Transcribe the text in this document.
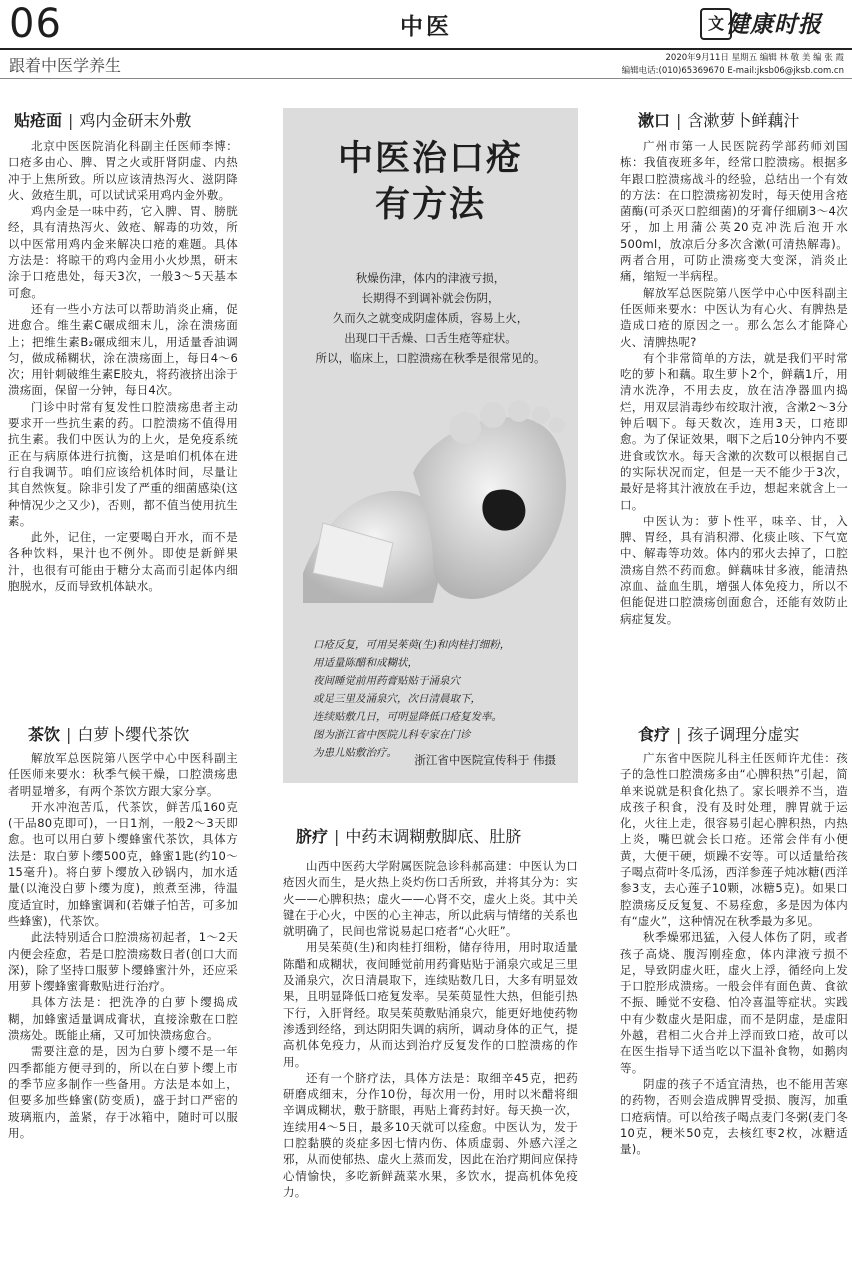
06	中医	文 健康时报
跟着中医学养生	2020年9月11日 星期五 编辑 林 敬 美 编 张 霞
编辑电话:(010)65369670 E-mail:jksb06@jksb.com.cn
贴疮面 | 鸡内金研末外敷

北京中医医院消化科副主任医师李博：口疮多由心、脾、胃之火或肝肾阴虚、内热冲于上焦所致。所以应该清热泻火、滋阴降火、敛疮生肌，可以试试采用鸡内金外敷。

鸡内金是一味中药，它入脾、胃、膀胱经，具有清热泻火、敛疮、解毒的功效，所以中医常用鸡内金来解决口疮的难题。具体方法是：将晾干的鸡内金用小火炒黑，研末涂于口疮患处，每天3次，一般3～5天基本可愈。

还有一些小方法可以帮助消炎止痛，促进愈合。维生素C碾成细末儿，涂在溃疡面上；把维生素B₂碾成细末儿，用适量香油调匀，做成稀糊状，涂在溃疡面上，每日4～6次；用针刺破维生素E胶丸，将药液挤出涂于溃疡面，保留一分钟，每日4次。

门诊中时常有复发性口腔溃疡患者主动要求开一些抗生素的药。口腔溃疡不值得用抗生素。我们中医认为的上火，是免疫系统正在与病原体进行抗衡，这是咱们机体在进行自我调节。咱们应该给机体时间，尽量让其自然恢复。除非引发了严重的细菌感染(这种情况少之又少)，否则，都不值当使用抗生素。

此外，记住，一定要喝白开水，而不是各种饮料，果汁也不例外。即使是新鲜果汁，也很有可能由于糖分太高而引起体内细胞脱水，反而导致机体缺水。

茶饮 | 白萝卜缨代茶饮

解放军总医院第八医学中心中医科副主任医师来要水：秋季气候干燥，口腔溃疡患者明显增多，有两个茶饮方跟大家分享。

开水冲泡苦瓜，代茶饮，鲜苦瓜160克(干品80克即可)，一日1剂，一般2～3天即愈。也可以用白萝卜缨蜂蜜代茶饮，具体方法是：取白萝卜缨500克，蜂蜜1匙(约10～15毫升)。将白萝卜缨放入砂锅内，加水适量(以淹没白萝卜缨为度)，煎煮至沸，待温度适宜时，加蜂蜜调和(若嫌子怕苦，可多加些蜂蜜)，代茶饮。

此法特别适合口腔溃疡初起者，1～2天内便会痊愈，若是口腔溃疡数日者(创口大而深)，除了坚持口服萝卜缨蜂蜜汁外，还应采用萝卜缨蜂蜜膏敷贴进行治疗。

具体方法是：把洗净的白萝卜缨捣成糊，加蜂蜜适量调成膏状，直接涂敷在口腔溃疡处。既能止痛，又可加快溃疡愈合。

需要注意的是，因为白萝卜缨不是一年四季都能方便寻到的，所以在白萝卜缨上市的季节应多制作一些备用。方法是本如上，但要多加些蜂蜜(防变质)，盛于封口严密的玻璃瓶内，盖紧，存于冰箱中，随时可以服用。

中医治口疮
有方法
秋燥伤津，体内的津液亏损，
长期得不到调补就会伤阴，
久而久之就变成阴虚体质，容易上火，
出现口干舌燥、口舌生疮等症状。
所以，临床上，口腔溃疡在秋季是很常见的。
口疮反复，可用吴茱萸(生)和肉桂打细粉，
用适量陈醋和成糊状，
夜间睡觉前用药膏贴贴于涌泉穴
或足三里及涌泉穴，次日清晨取下，
连续贴敷几日，可明显降低口疮复发率。
图为浙江省中医院儿科专家在门诊
为患儿贴敷治疗。	浙江省中医院宣传科于 伟摄
脐疗 | 中药末调糊敷脚底、肚脐

山西中医药大学附属医院急诊科郝高建：中医认为口疮因火而生，是火热上炎灼伤口舌所致，并将其分为：实火——心脾积热；虚火——心肾不交，虚火上炎。其中关键在于心火，中医的心主神志，所以此病与情绪的关系也就明确了，民间也常说易起口疮者“心火旺”。

用吴茱萸(生)和肉桂打细粉，储存待用，用时取适量陈醋和成糊状，夜间睡觉前用药膏贴贴于涌泉穴或足三里及涌泉穴，次日清晨取下，连续贴数几日，大多有明显效果，且明显降低口疮复发率。吴茱萸显性大热，但能引热下行，入肝肾经。取吴茱萸敷贴涌泉穴，能更好地使药物渗透到经络，到达阴阳失调的病所，调动身体的正气，提高机体免疫力，从而达到治疗反复发作的口腔溃疡的作用。

还有一个脐疗法，具体方法是：取细辛45克，把药研磨成细末，分作10份，每次用一份，用时以米醋将细辛调成糊状，敷于脐眼，再贴上膏药封好。每天换一次，连续用4～5日，最多10天就可以痊愈。中医认为，发于口腔黏膜的炎症多因七情内伤、体质虚弱、外感六淫之邪，从而使郁热、虚火上蒸而发，因此在治疗期间应保持心情愉快，多吃新鲜蔬菜水果，多饮水，提高机体免疫力。

漱口 | 含漱萝卜鲜藕汁

广州市第一人民医院药学部药师刘国栋：我值夜班多年，经常口腔溃疡。根据多年跟口腔溃疡战斗的经验，总结出一个有效的方法：在口腔溃疡初发时，每天使用含疮菌酶(可杀灭口腔细菌)的牙膏仔细刷3～4次牙，加上用蒲公英20克冲洗后泡开水500ml，放凉后分多次含漱(可清热解毒)。两者合用，可防止溃疡变大变深，消炎止痛，缩短一半病程。

解放军总医院第八医学中心中医科副主任医师来要水：中医认为有心火、有脾热是造成口疮的原因之一。那么怎么才能降心火、清脾热呢?

有个非常简单的方法，就是我们平时常吃的萝卜和藕。取生萝卜2个，鲜藕1斤，用清水洗净，不用去皮，放在洁净器皿内捣烂，用双层消毒纱布绞取汁液，含漱2～3分钟后咽下。每天数次，连用3天，口疮即愈。为了保证效果，咽下之后10分钟内不要进食或饮水。每天含漱的次数可以根据自己的实际状况而定，但是一天不能少于3次，最好是将其汁液放在手边，想起来就含上一口。

中医认为：萝卜性平，味辛、甘，入脾、胃经，具有消积滞、化痰止咳、下气宽中、解毒等功效。体内的邪火去掉了，口腔溃疡自然不药而愈。鲜藕味甘多液，能清热凉血、益血生肌，增强人体免疫力，所以不但能促进口腔溃疡创面愈合，还能有效防止病症复发。

食疗 | 孩子调理分虚实

广东省中医院儿科主任医师许尤佳：孩子的急性口腔溃疡多由“心脾积热”引起，简单来说就是积食化热了。家长喂养不当，造成孩子积食，没有及时处理，脾胃就于运化，火往上走，很容易引起心脾积热，内热上炎，嘴巴就会长口疮。还常会伴有小便黄，大便干硬，烦躁不安等。可以适量给孩子喝点荷叶冬瓜汤，西洋参莲子炖冰糖(西洋参3支，去心莲子10颗，冰糖5克)。如果口腔溃疡反反复复、不易痊愈，多是因为体内有“虚火”，这种情况在秋季最为多见。

秋季燥邪迅猛，入侵人体伤了阴，或者孩子高烧、腹泻刚痊愈，体内津液亏损不足，导致阴虚火旺，虚火上浮，循经向上发于口腔形成溃疡。一般会伴有面色黄、食欲不振、睡觉不安稳、怕冷喜温等症状。实践中有少数虚火是阳虚，而不是阴虚，是虚阳外越，君相二火合并上浮而致口疮，故可以在医生指导下适当吃以下温补食物，如鹅肉等。

阴虚的孩子不适宜清热，也不能用苦寒的药物，否则会造成脾胃受损、腹泻，加重口疮病情。可以给孩子喝点麦门冬粥(麦门冬10克，粳米50克，去核红枣2枚，冰糖适量)。
